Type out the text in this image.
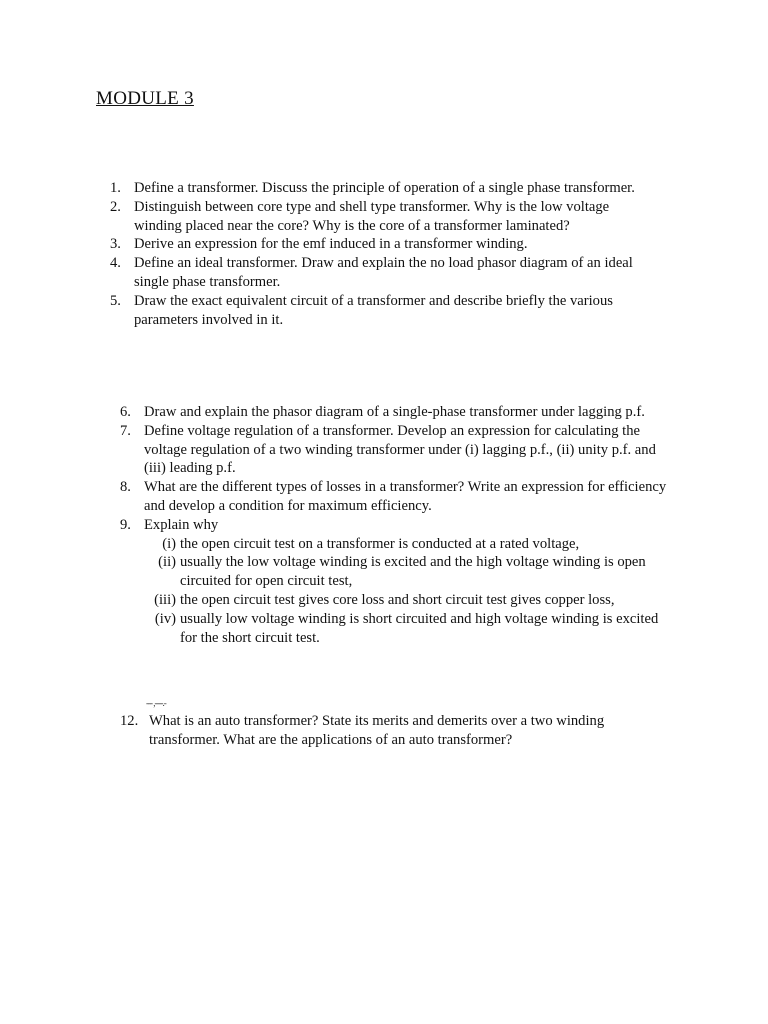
MODULE 3
1. Define a transformer. Discuss the principle of operation of a single phase transformer.
2. Distinguish between core type and shell type transformer. Why is the low voltage winding placed near the core? Why is the core of a transformer laminated?
3. Derive an expression for the emf induced in a transformer winding.
4. Define an ideal transformer. Draw and explain the no load phasor diagram of an ideal single phase transformer.
5. Draw the exact equivalent circuit of a transformer and describe briefly the various parameters involved in it.
6. Draw and explain the phasor diagram of a single-phase transformer under lagging p.f.
7. Define voltage regulation of a transformer. Develop an expression for calculating the voltage regulation of a two winding transformer under (i) lagging p.f., (ii) unity p.f. and (iii) leading p.f.
8. What are the different types of losses in a transformer? Write an expression for efficiency and develop a condition for maximum efficiency.
9. Explain why
(i) the open circuit test on a transformer is conducted at a rated voltage,
(ii) usually the low voltage winding is excited and the high voltage winding is open circuited for open circuit test,
(iii) the open circuit test gives core loss and short circuit test gives copper loss,
(iv) usually low voltage winding is short circuited and high voltage winding is excited for the short circuit test.
--- ,----.-
12. What is an auto transformer? State its merits and demerits over a two winding transformer. What are the applications of an auto transformer?
